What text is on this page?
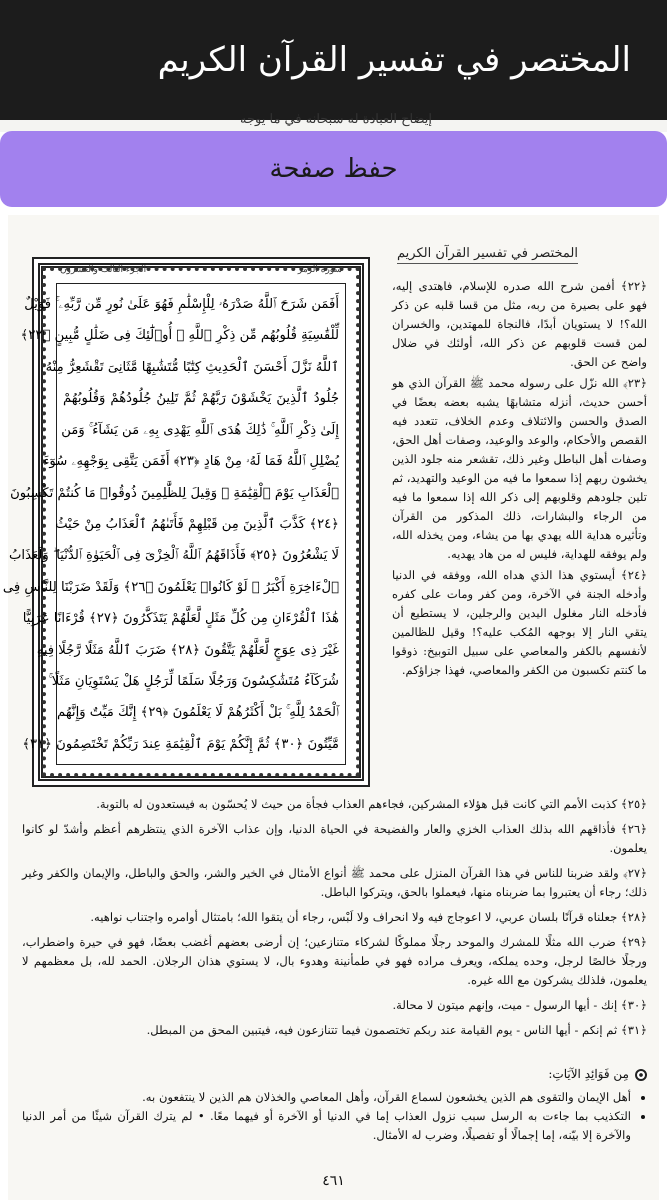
المختصر في تفسير القرآن الكريم
إيضاح العبادة له سبحانه في ما يوجه
حفظ صفحة
المختصر في تفسير القرآن الكريم
الجزء الثالث والعشرون	سورة الزمر
أَفَمَن شَرَحَ ٱللَّهُ صَدْرَهُۥ لِلْإِسْلَٰمِ فَهُوَ عَلَىٰ نُورٍ مِّن رَّبِّهِۦ ۚ فَوَيْلٌ
لِّلْقَٰسِيَةِ قُلُوبُهُم مِّن ذِكْرِ ٱللَّهِ ۚ أُو۟لَٰٓئِكَ فِى ضَلَٰلٍ مُّبِينٍ ﴿٢٢﴾
ٱللَّهُ نَزَّلَ أَحْسَنَ ٱلْحَدِيثِ كِتَٰبًا مُّتَشَٰبِهًا مَّثَانِىَ تَقْشَعِرُّ مِنْهُ
جُلُودُ ٱلَّذِينَ يَخْشَوْنَ رَبَّهُمْ ثُمَّ تَلِينُ جُلُودُهُمْ وَقُلُوبُهُمْ
إِلَىٰ ذِكْرِ ٱللَّهِ ۚ ذَٰلِكَ هُدَى ٱللَّهِ يَهْدِى بِهِۦ مَن يَشَآءُ ۚ وَمَن
يُضْلِلِ ٱللَّهُ فَمَا لَهُۥ مِنْ هَادٍ ﴿٢٣﴾ أَفَمَن يَتَّقِى بِوَجْهِهِۦ سُوٓءَ
ٱلْعَذَابِ يَوْمَ ٱلْقِيَٰمَةِ ۚ وَقِيلَ لِلظَّٰلِمِينَ ذُوقُوا۟ مَا كُنتُمْ تَكْسِبُونَ
﴿٢٤﴾ كَذَّبَ ٱلَّذِينَ مِن قَبْلِهِمْ فَأَتَىٰهُمُ ٱلْعَذَابُ مِنْ حَيْثُ
لَا يَشْعُرُونَ ﴿٢٥﴾ فَأَذَاقَهُمُ ٱللَّهُ ٱلْخِزْىَ فِى ٱلْحَيَوٰةِ ٱلدُّنْيَا ۖ وَلَعَذَابُ
ٱلْءَاخِرَةِ أَكْبَرُ ۚ لَوْ كَانُوا۟ يَعْلَمُونَ ﴿٢٦﴾ وَلَقَدْ ضَرَبْنَا لِلنَّاسِ فِى
هَٰذَا ٱلْقُرْءَانِ مِن كُلِّ مَثَلٍ لَّعَلَّهُمْ يَتَذَكَّرُونَ ﴿٢٧﴾ قُرْءَانًا عَرَبِيًّا
غَيْرَ ذِى عِوَجٍ لَّعَلَّهُمْ يَتَّقُونَ ﴿٢٨﴾ ضَرَبَ ٱللَّهُ مَثَلًا رَّجُلًا فِيهِ
شُرَكَآءُ مُتَشَٰكِسُونَ وَرَجُلًا سَلَمًا لِّرَجُلٍ هَلْ يَسْتَوِيَانِ مَثَلًا ۚ
ٱلْحَمْدُ لِلَّهِ ۚ بَلْ أَكْثَرُهُمْ لَا يَعْلَمُونَ ﴿٢٩﴾ إِنَّكَ مَيِّتٌ وَإِنَّهُم
مَّيِّتُونَ ﴿٣٠﴾ ثُمَّ إِنَّكُمْ يَوْمَ ٱلْقِيَٰمَةِ عِندَ رَبِّكُمْ تَخْتَصِمُونَ ﴿٣١﴾

﴿٢٢﴾ أفمن شرح الله صدره للإسلام، فاهتدى إليه، فهو على بصيرة من ربه، مثل من قسا قلبه عن ذكر الله؟! لا يستويان أبدًا، فالنجاة للمهتدين، والخسران لمن قست قلوبهم عن ذكر الله، أولئك في ضلال واضح عن الحق.

﴿٢٣﴾ الله نزّل على رسوله محمد ﷺ القرآن الذي هو أحسن حديث، أنزله متشابهًا يشبه بعضه بعضًا في الصدق والحسن والائتلاف وعدم الخلاف، تتعدد فيه القصص والأحكام، والوعد والوعيد، وصفات أهل الحق، وصفات أهل الباطل وغير ذلك، تقشعر منه جلود الذين يخشون ربهم إذا سمعوا ما فيه من الوعيد والتهديد، ثم تلين جلودهم وقلوبهم إلى ذكر الله إذا سمعوا ما فيه من الرجاء والبشارات، ذلك المذكور من القرآن وتأثيره هداية الله يهدي بها من يشاء، ومن يخذله الله، ولم يوفقه للهداية، فليس له من هاد يهديه.

﴿٢٤﴾ أيستوي هذا الذي هداه الله، ووفقه في الدنيا وأدخله الجنة في الآخرة، ومن كفر ومات على كفره فأدخله النار مغلول اليدين والرجلين، لا يستطيع أن يتقي النار إلا بوجهه المُكب عليه؟! وقيل للظالمين لأنفسهم بالكفر والمعاصي على سبيل التوبيخ: ذوقوا ما كنتم تكسبون من الكفر والمعاصي، فهذا جزاؤكم.

﴿٢٥﴾ كذبت الأمم التي كانت قبل هؤلاء المشركين، فجاءهم العذاب فجأة من حيث لا يُحسّون به فيستعدون له بالتوبة.

﴿٢٦﴾ فأذاقهم الله بذلك العذاب الخزي والعار والفضيحة في الحياة الدنيا، وإن عذاب الآخرة الذي ينتظرهم أعظم وأشدّ لو كانوا يعلمون.

﴿٢٧﴾ ولقد ضربنا للناس في هذا القرآن المنزل على محمد ﷺ أنواع الأمثال في الخير والشر، والحق والباطل، والإيمان والكفر وغير ذلك؛ رجاء أن يعتبروا بما ضربناه منها، فيعملوا بالحق، ويتركوا الباطل.

﴿٢٨﴾ جعلناه قرآنًا بلسان عربي، لا اعوجاج فيه ولا انحراف ولا لَبْس، رجاء أن يتقوا الله؛ بامتثال أوامره واجتناب نواهيه.

﴿٢٩﴾ ضرب الله مثلًا للمشرك والموحد رجلًا مملوكًا لشركاء متنازعين؛ إن أرضى بعضهم أغضب بعضًا، فهو في حيرة واضطراب، ورجلًا خالصًا لرجل، وحده يملكه، ويعرف مراده فهو في طمأنينة وهدوء بال، لا يستوي هذان الرجلان. الحمد لله، بل معظمهم لا يعلمون، فلذلك يشركون مع الله غيره.

﴿٣٠﴾ إنك - أيها الرسول - ميت، وإنهم ميتون لا محالة.

﴿٣١﴾ ثم إنكم - أيها الناس - يوم القيامة عند ربكم تختصمون فيما تتنازعون فيه، فيتبين المحق من المبطل.

مِن فَوَائِدِ الآيَاتِ:
• أهل الإيمان والتقوى هم الذين يخشعون لسماع القرآن، وأهل المعاصي والخذلان هم الذين لا ينتفعون به.
• التكذيب بما جاءت به الرسل سبب نزول العذاب إما في الدنيا أو الآخرة أو فيهما معًا. • لم يترك القرآن شيئًا من أمر الدنيا والآخرة إلا بيّنه، إما إجمالًا أو تفصيلًا، وضرب له الأمثال.
٤٦١
